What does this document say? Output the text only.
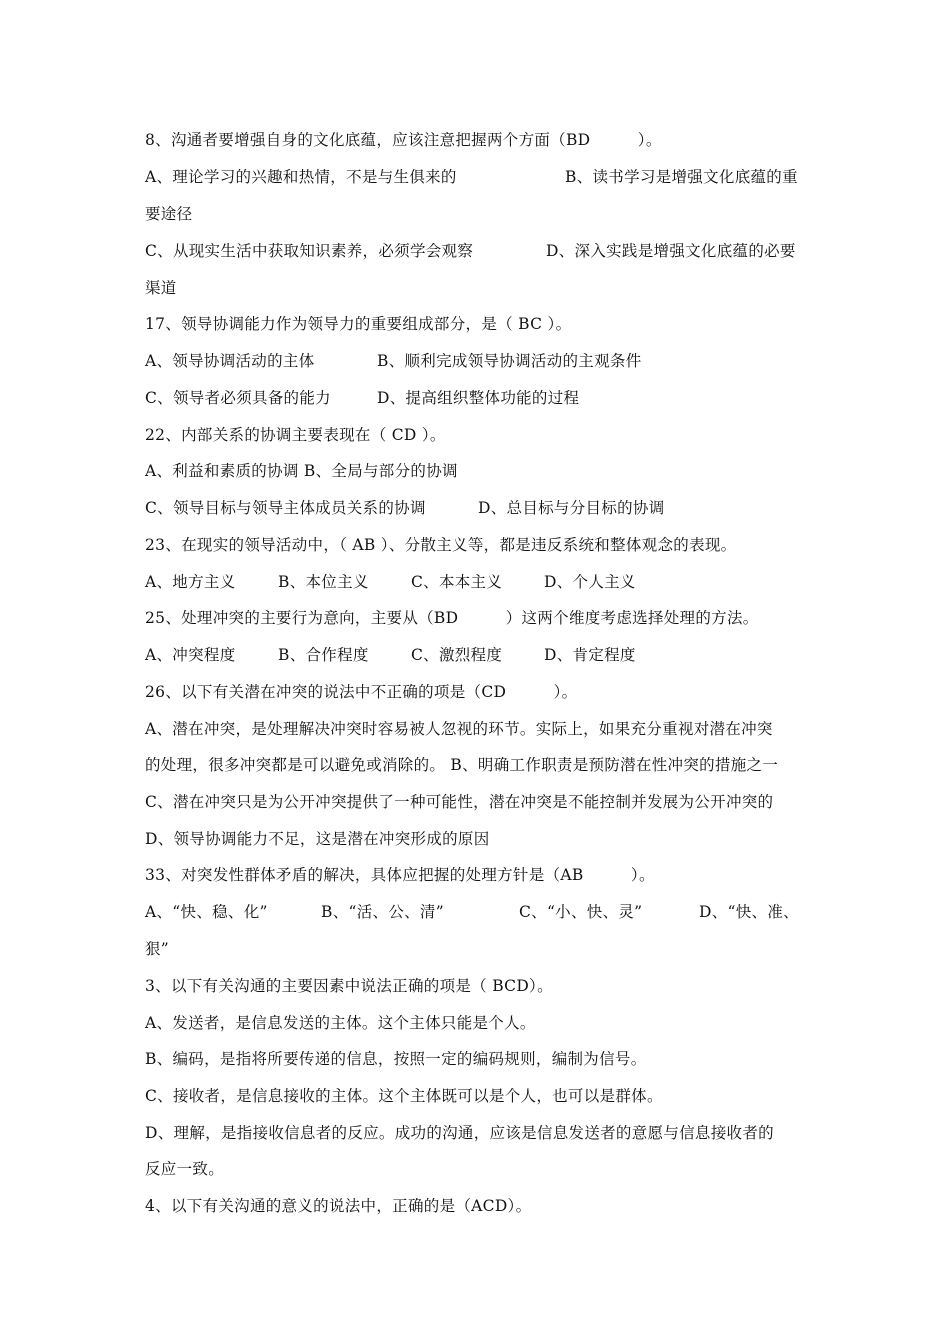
8、沟通者要增强自身的文化底蕴，应该注意把握两个方面（BD　　　）。

A、理论学习的兴趣和热情，不是与生俱来的

	B、读书学习是增强文化底蕴的重

要途径

C、从现实生活中获取知识素养，必须学会观察

	D、深入实践是增强文化底蕴的必要

渠道
17、领导协调能力作为领导力的重要组成部分，是（ BC ）。

A、领导协调活动的主体

	B、顺利完成领导协调活动的主观条件

C、领导者必须具备的能力

	D、提高组织整体功能的过程

22、内部关系的协调主要表现在（ CD ）。
A、利益和素质的协调 B、全局与部分的协调

C、领导目标与领导主体成员关系的协调

	D、总目标与分目标的协调

23、在现实的领导活动中，（ AB ）、分散主义等，都是违反系统和整体观念的表现。

A、地方主义

	B、本位主义

	C、本本主义

	D、个人主义

25、处理冲突的主要行为意向，主要从（BD　　　）这两个维度考虑选择处理的方法。

A、冲突程度

	B、合作程度

	C、激烈程度

	D、肯定程度

26、以下有关潜在冲突的说法中不正确的项是（CD　　　）。
A、潜在冲突，是处理解决冲突时容易被人忽视的环节。实际上，如果充分重视对潜在冲突
的处理，很多冲突都是可以避免或消除的。 B、明确工作职责是预防潜在性冲突的措施之一
C、潜在冲突只是为公开冲突提供了一种可能性，潜在冲突是不能控制并发展为公开冲突的
D、领导协调能力不足，这是潜在冲突形成的原因
33、对突发性群体矛盾的解决，具体应把握的处理方针是（AB　　　）。

A、“快、稳、化”

	B、“活、公、清”

	C、“小、快、灵”

	D、“快、准、

狠”
3、以下有关沟通的主要因素中说法正确的项是（ BCD）。
A、发送者，是信息发送的主体。这个主体只能是个人。
B、编码，是指将所要传递的信息，按照一定的编码规则，编制为信号。
C、接收者，是信息接收的主体。这个主体既可以是个人，也可以是群体。
D、理解，是指接收信息者的反应。成功的沟通，应该是信息发送者的意愿与信息接收者的
反应一致。
4、以下有关沟通的意义的说法中，正确的是（ACD）。
